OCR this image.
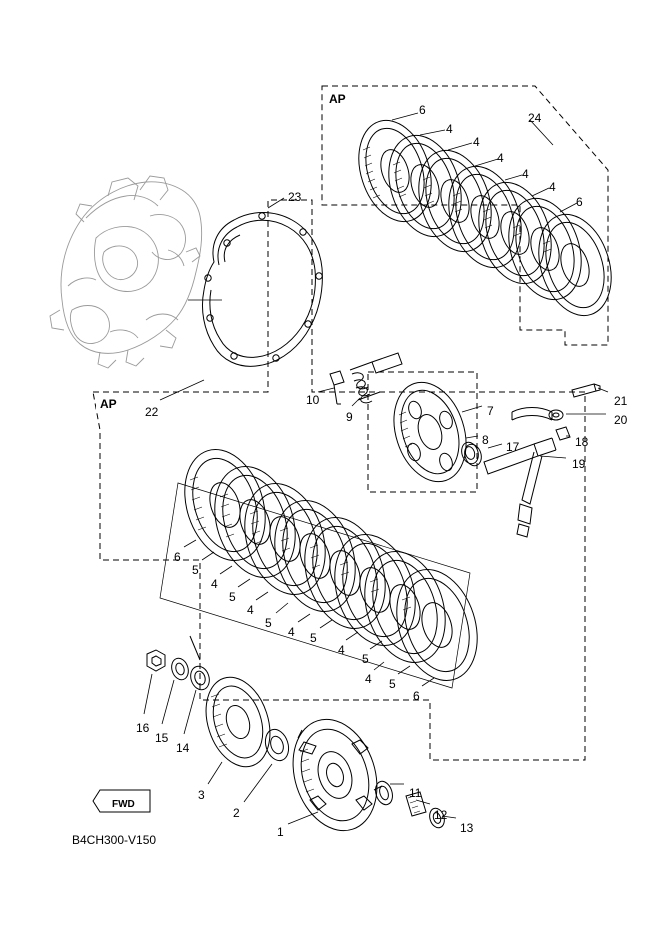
24
6
4
4
4
4
4
6
23
22
10
9	7
8 17
21
20
18
19
6
5
4
5
4
5
4 5
4
5
4 5
6
16
15
14
3
2
1
11
12
13
AP
AP
FWD
B4CH300-V150
